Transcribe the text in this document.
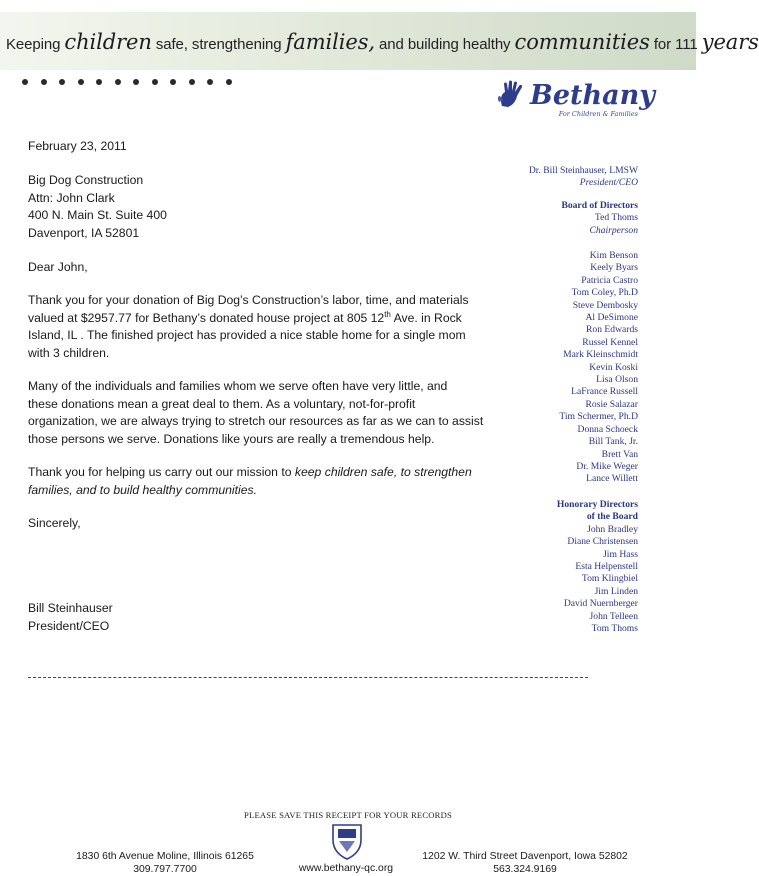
Keeping children safe, strengthening families, and building healthy communities for 111 years
Bethany
For Children & Families
February 23, 2011
Big Dog Construction
Attn: John Clark
400 N. Main St. Suite 400
Davenport, IA 52801
Dear John,
Thank you for your donation of Big Dog’s Construction’s labor, time, and materials
valued at $2957.77 for Bethany’s donated house project at 805 12th Ave. in Rock
Island, IL . The finished project has provided a nice stable home for a single mom
with 3 children.
Many of the individuals and families whom we serve often have very little, and
these donations mean a great deal to them. As a voluntary, not-for-profit
organization, we are always trying to stretch our resources as far as we can to assist
those persons we serve. Donations like yours are really a tremendous help.
Thank you for helping us carry out our mission to keep children safe, to strengthen
families, and to build healthy communities.
Sincerely,
Bill Steinhauser
President/CEO
Dr. Bill Steinhauser, LMSW
President/CEO
Board of Directors
Ted Thoms
Chairperson
Kim Benson
Keely Byars
Patricia Castro
Tom Coley, Ph.D
Steve Dembosky
Al DeSimone
Ron Edwards
Russel Kennel
Mark Kleinschmidt
Kevin Koski
Lisa Olson
LaFrance Russell
Rosie Salazar
Tim Schermer, Ph.D
Donna Schoeck
Bill Tank, Jr.
Brett Van
Dr. Mike Weger
Lance Willett
Honorary Directors
of the Board
John Bradley
Diane Christensen
Jim Hass
Esta Helpenstell
Tom Klingbiel
Jim Linden
David Nuernberger
John Telleen
Tom Thoms
PLEASE SAVE THIS RECEIPT FOR YOUR RECORDS
1830 6th Avenue Moline, Illinois 61265
309.797.7700	www.bethany-qc.org
1202 W. Third Street Davenport, Iowa 52802
563.324.9169
